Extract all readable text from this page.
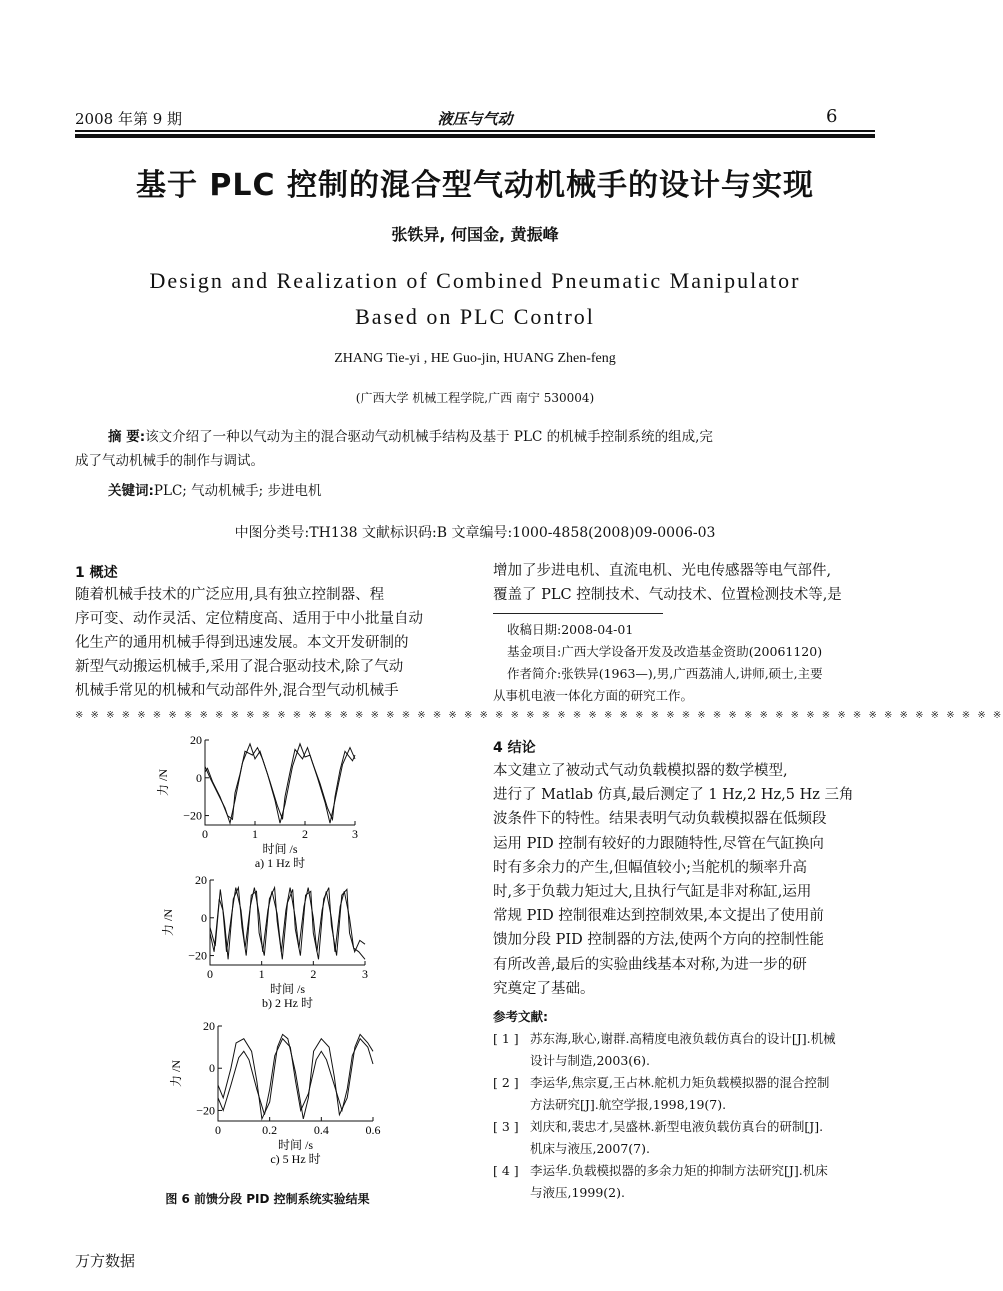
2008 年第 9 期	液压与气动	6
基于 PLC 控制的混合型气动机械手的设计与实现
张铁异, 何国金, 黄振峰
Design and Realization of Combined Pneumatic Manipulator
Based on PLC Control
ZHANG Tie-yi , HE Guo-jin, HUANG Zhen-feng
(广西大学 机械工程学院,广西 南宁 530004)
摘 要:该文介绍了一种以气动为主的混合驱动气动机械手结构及基于 PLC 的机械手控制系统的组成,完
成了气动机械手的制作与调试。
关键词:PLC; 气动机械手; 步进电机
中图分类号:TH138 文献标识码:B 文章编号:1000-4858(2008)09-0006-03
1 概述
随着机械手技术的广泛应用,具有独立控制器、程
序可变、动作灵活、定位精度高、适用于中小批量自动
化生产的通用机械手得到迅速发展。本文开发研制的
新型气动搬运机械手,采用了混合驱动技术,除了气动
机械手常见的机械和气动部件外,混合型气动机械手
增加了步进电机、直流电机、光电传感器等电气部件,
覆盖了 PLC 控制技术、气动技术、位置检测技术等,是
收稿日期:2008-04-01
基金项目:广西大学设备开发及改造基金资助(20061120)
作者简介:张铁异(1963—),男,广西荔浦人,讲师,硕士,主要
从事机电液一体化方面的研究工作。
※ ※ ※ ※ ※ ※ ※ ※ ※ ※ ※ ※ ※ ※ ※ ※ ※ ※ ※ ※ ※ ※ ※ ※ ※ ※ ※ ※ ※ ※ ※ ※ ※ ※ ※ ※ ※ ※ ※ ※ ※ ※ ※ ※ ※ ※ ※ ※ ※ ※ ※ ※ ※ ※ ※ ※ ※ ※ ※ ※
0	1	2	3
20
0
−20
力 /N
时间 /s
a) 1 Hz 时
0	1	2	3
20
0
−20
力 /N
时间 /s
b) 2 Hz 时
0	0.2	0.4	0.6
20
0
−20
力 /N
时间 /s
c) 5 Hz 时
图 6 前馈分段 PID 控制系统实验结果
4 结论
本文建立了被动式气动负载模拟器的数学模型,
进行了 Matlab 仿真,最后测定了 1 Hz,2 Hz,5 Hz 三角
波条件下的特性。结果表明气动负载模拟器在低频段
运用 PID 控制有较好的力跟随特性,尽管在气缸换向
时有多余力的产生,但幅值较小;当舵机的频率升高
时,多于负载力矩过大,且执行气缸是非对称缸,运用
常规 PID 控制很难达到控制效果,本文提出了使用前
馈加分段 PID 控制器的方法,使两个方向的控制性能
有所改善,最后的实验曲线基本对称,为进一步的研
究奠定了基础。
参考文献:
[ 1 ] 苏东海,耿心,谢群.高精度电液负载仿真台的设计[J].机械
设计与制造,2003(6).
[ 2 ] 李运华,焦宗夏,王占林.舵机力矩负载模拟器的混合控制
方法研究[J].航空学报,1998,19(7).
[ 3 ] 刘庆和,裴忠才,吴盛林.新型电液负载仿真台的研制[J].
机床与液压,2007(7).
[ 4 ] 李运华.负载模拟器的多余力矩的抑制方法研究[J].机床
与液压,1999(2).
万方数据
